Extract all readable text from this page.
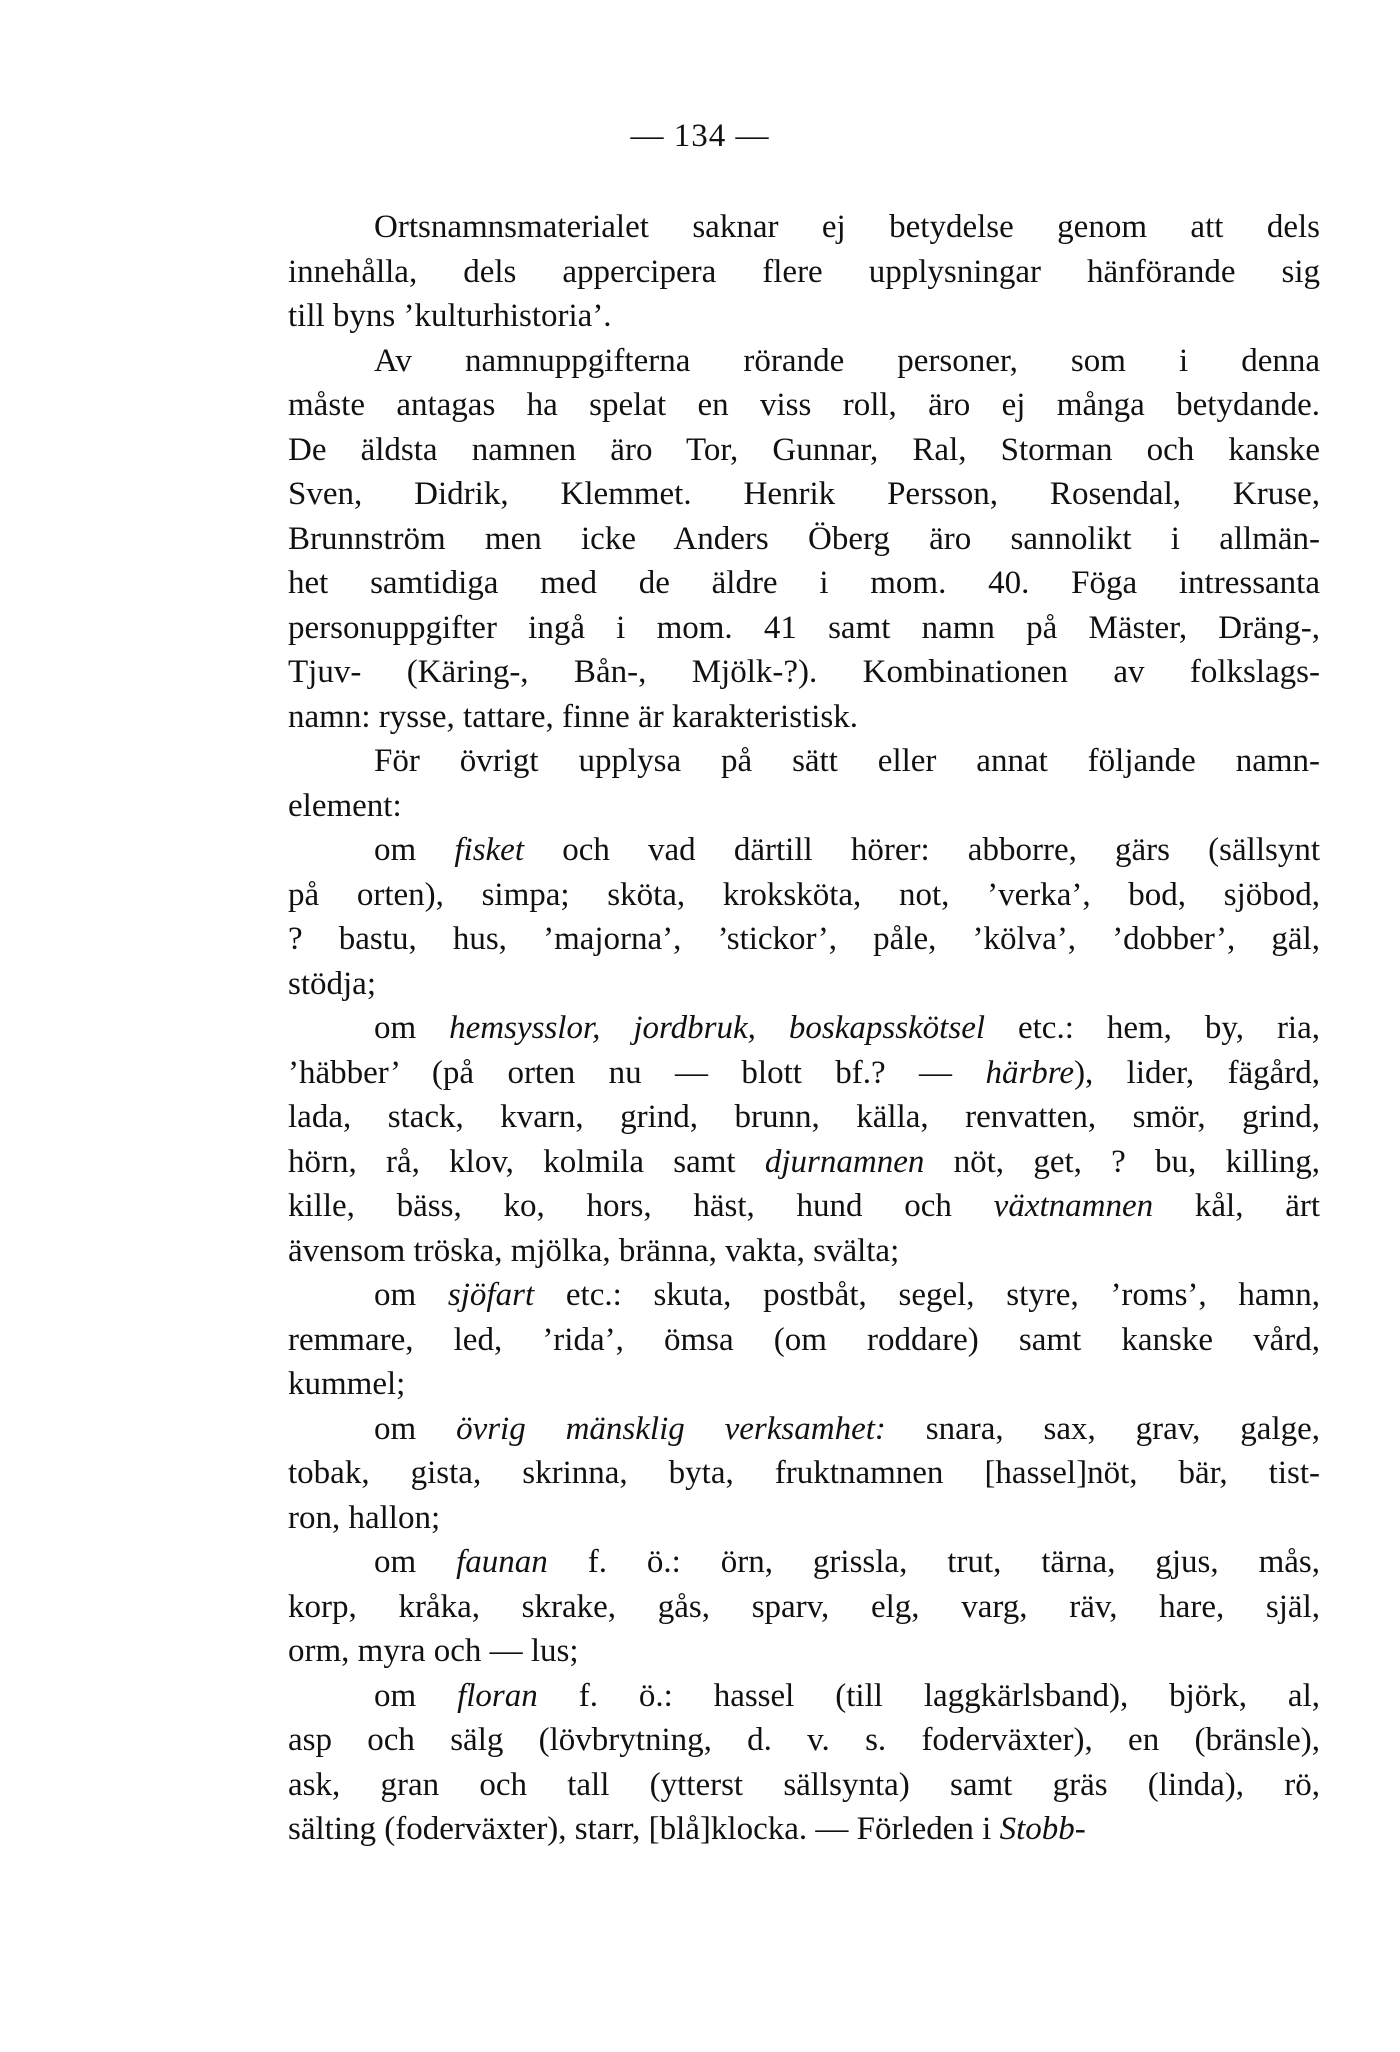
— 134 —

Ortsnamnsmaterialet saknar ej betydelse genom att dels
innehålla, dels appercipera flere upplysningar hänförande sig
till byns ’kulturhistoria’.

Av namnuppgifterna rörande personer, som i denna
måste antagas ha spelat en viss roll, äro ej många betydande.
De äldsta namnen äro Tor, Gunnar, Ral, Storman och kanske
Sven, Didrik, Klemmet. Henrik Persson, Rosendal, Kruse,
Brunnström men icke Anders Öberg äro sannolikt i allmän-
het samtidiga med de äldre i mom. 40. Föga intressanta
personuppgifter ingå i mom. 41 samt namn på Mäster, Dräng-,
Tjuv- (Käring-, Bån-, Mjölk-?). Kombinationen av folkslags-
namn: rysse, tattare, finne är karakteristisk.

För övrigt upplysa på sätt eller annat följande namn-
element:

om fisket och vad därtill hörer: abborre, gärs (sällsynt
på orten), simpa; sköta, kroksköta, not, ’verka’, bod, sjöbod,
? bastu, hus, ’majorna’, ’stickor’, påle, ’kölva’, ’dobber’, gäl,
stödja;

om hemsysslor, jordbruk, boskapsskötsel etc.: hem, by, ria,
’häbber’ (på orten nu — blott bf.? — härbre), lider, fägård,
lada, stack, kvarn, grind, brunn, källa, renvatten, smör, grind,
hörn, rå, klov, kolmila samt djurnamnen nöt, get, ? bu, killing,
kille, bäss, ko, hors, häst, hund och växtnamnen kål, ärt
ävensom tröska, mjölka, bränna, vakta, svälta;

om sjöfart etc.: skuta, postbåt, segel, styre, ’roms’, hamn,
remmare, led, ’rida’, ömsa (om roddare) samt kanske vård,
kummel;

om övrig mänsklig verksamhet: snara, sax, grav, galge,
tobak, gista, skrinna, byta, fruktnamnen [hassel]nöt, bär, tist-
ron, hallon;

om faunan f. ö.: örn, grissla, trut, tärna, gjus, mås,
korp, kråka, skrake, gås, sparv, elg, varg, räv, hare, själ,
orm, myra och — lus;

om floran f. ö.: hassel (till laggkärlsband), björk, al,
asp och sälg (lövbrytning, d. v. s. foderväxter), en (bränsle),
ask, gran och tall (ytterst sällsynta) samt gräs (linda), rö,
sälting (foderväxter), starr, [blå]klocka. — Förleden i Stobb-
